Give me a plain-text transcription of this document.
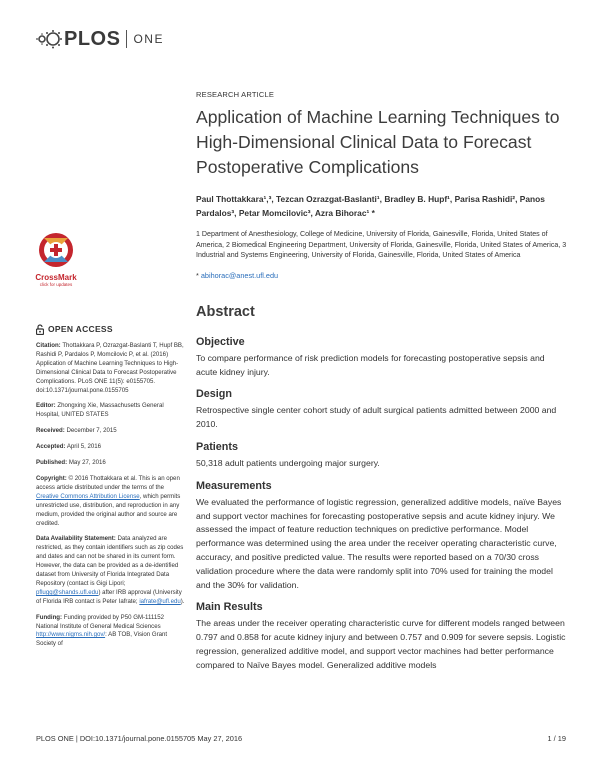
PLOS ONE
CrossMark
click for updates
OPEN ACCESS

Citation: Thottakkara P, Ozrazgat-Baslanti T, Hupf BB, Rashidi P, Pardalos P, Momcilovic P, et al. (2016) Application of Machine Learning Techniques to High-Dimensional Clinical Data to Forecast Postoperative Complications. PLoS ONE 11(5): e0155705. doi:10.1371/journal.pone.0155705

Editor: Zhongxing Xie, Massachusetts General Hospital, UNITED STATES

Received: December 7, 2015

Accepted: April 5, 2016

Published: May 27, 2016

Copyright: © 2016 Thottakkara et al. This is an open access article distributed under the terms of the Creative Commons Attribution License, which permits unrestricted use, distribution, and reproduction in any medium, provided the original author and source are credited.

Data Availability Statement: Data analyzed are restricted, as they contain identifiers such as zip codes and dates and can not be shared in its current form. However, the data can be provided as a de-identified dataset from University of Florida Integrated Data Repository (contact is Gigi Lipori; pflugg@shands.ufl.edu) after IRB approval (University of Florida IRB contact is Peter Iafrate; iafrate@ufl.edu).

Funding: Funding provided by P50 GM-111152 National Institute of General Medical Sciences http://www.nigms.nih.gov/: AB TOB, Vision Grant Society of

RESEARCH ARTICLE
Application of Machine Learning Techniques to High-Dimensional Clinical Data to Forecast Postoperative Complications

Paul Thottakkara¹,³, Tezcan Ozrazgat-Baslanti¹, Bradley B. Hupf¹, Parisa Rashidi², Panos Pardalos³, Petar Momcilovic³, Azra Bihorac¹ *

1 Department of Anesthesiology, College of Medicine, University of Florida, Gainesville, Florida, United States of America, 2 Biomedical Engineering Department, University of Florida, Gainesville, Florida, United States of America, 3 Industrial and Systems Engineering, University of Florida, Gainesville, Florida, United States of America

* abihorac@anest.ufl.edu

Abstract
Objective

To compare performance of risk prediction models for forecasting postoperative sepsis and acute kidney injury.

Design

Retrospective single center cohort study of adult surgical patients admitted between 2000 and 2010.

Patients

50,318 adult patients undergoing major surgery.

Measurements

We evaluated the performance of logistic regression, generalized additive models, naïve Bayes and support vector machines for forecasting postoperative sepsis and acute kidney injury. We assessed the impact of feature reduction techniques on predictive performance. Model performance was determined using the area under the receiver operating characteristic curve, accuracy, and positive predicted value. The results were reported based on a 70/30 cross validation procedure where the data were randomly split into 70% used for training the model and the 30% for validation.

Main Results

The areas under the receiver operating characteristic curve for different models ranged between 0.797 and 0.858 for acute kidney injury and between 0.757 and 0.909 for severe sepsis. Logistic regression, generalized additive model, and support vector machines had better performance compared to Naïve Bayes model. Generalized additive models

PLOS ONE | DOI:10.1371/journal.pone.0155705 May 27, 2016	1 / 19
